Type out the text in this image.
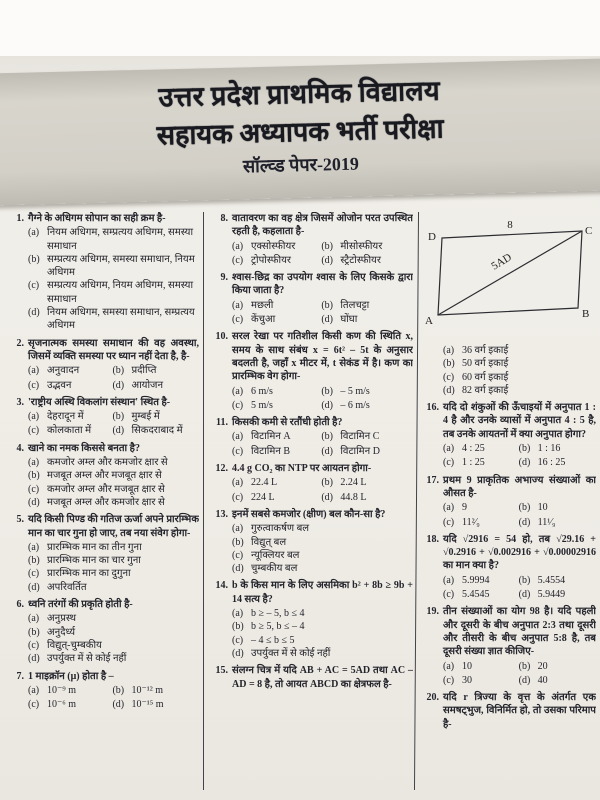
उत्तर प्रदेश प्राथमिक विद्यालय
सहायक अध्यापक भर्ती परीक्षा
सॉल्व्ड पेपर-2019
1. गैग्ने के अधिगम सोपान का सही क्रम है-
(a) नियम अधिगम, सम्प्रत्यय अधिगम, समस्या समाधान
(b) सम्प्रत्यय अधिगम, समस्या समाधान, नियम अधिगम
(c) सम्प्रत्यय अधिगम, नियम अधिगम, समस्या समाधान
(d) नियम अधिगम, समस्या समाधान, सम्प्रत्यय अधिगम
2. सृजनात्मक समस्या समाधान की वह अवस्था, जिसमें व्यक्ति समस्या पर ध्यान नहीं देता है, है-
(a) अनुवादन	(b) प्रदीप्ति
(c) उद्भवन	(d) आयोजन
3. 'राष्ट्रीय अस्थि विकलांग संस्थान' स्थित है-
(a) देहरादून में	(b) मुम्बई में
(c) कोलकाता में (d) सिकदराबाद में
4. खाने का नमक किससे बनता है?
(a) कमजोर अम्ल और कमजोर क्षार से
(b) मजबूत अम्ल और मजबूत क्षार से
(c) कमजोर अम्ल और मजबूत क्षार से
(d) मजबूत अम्ल और कमजोर क्षार से
5. यदि किसी पिण्ड की गतिज ऊर्जा अपने प्रारम्भिक मान का चार गुना हो जाए, तब नया संवेग होगा-
(a) प्रारम्भिक मान का तीन गुना
(b) प्रारम्भिक मान का चार गुना
(c) प्रारम्भिक मान का दुगुना
(d) अपरिवर्तित
6. ध्वनि तरंगों की प्रकृति होती है-
(a) अनुप्रस्थ
(b) अनुदैर्ध्य
(c) विद्युत्-चुम्बकीय
(d) उपर्युक्त में से कोई नहीं
7. 1 माइक्रॉन (μ) होता है –
(a) 10⁻⁹ m	(b) 10⁻¹² m
(c) 10⁻⁶ m	(d) 10⁻¹⁵ m
8. वातावरण का वह क्षेत्र जिसमें ओजोन परत उपस्थित रहती है, कहलाता है-
(a) एक्सोस्फीयर	(b) मीसोस्फीयर
(c) ट्रोपोस्फीयर	(d) स्ट्रैटोस्फीयर
9. श्वास-छिद्र का उपयोग श्वास के लिए किसके द्वारा किया जाता है?
(a) मछली	(b) तिलचट्टा
(c) केंचुआ	(d) घोंघा
10. सरल रेखा पर गतिशील किसी कण की स्थिति x, समय के साथ संबंध x = 6t² – 5t के अनुसार बदलती है, जहाँ x मीटर में, t सेकंड में है। कण का प्रारम्भिक वेग होगा-
(a) 6 m/s	(b) – 5 m/s
(c) 5 m/s	(d) – 6 m/s
11. किसकी कमी से रतौंधी होती है?
(a) विटामिन A	(b) विटामिन C
(c) विटामिन B	(d) विटामिन D
12. 4.4 g CO₂ का NTP पर आयतन होगा-
(a) 22.4 L	(b) 2.24 L
(c) 224 L	(d) 44.8 L
13. इनमें सबसे कमजोर (क्षीण) बल कौन-सा है?
(a) गुरुत्वाकर्षण बल
(b) विद्युत् बल
(c) न्यूक्लियर बल
(d) चुम्बकीय बल
14. b के किस मान के लिए असमिका b² + 8b ≥ 9b + 14 सत्य है?
(a) b ≥ – 5, b ≤ 4
(b) b ≥ 5, b ≤ – 4
(c) – 4 ≤ b ≤ 5
(d) उपर्युक्त में से कोई नहीं
15. संलग्न चित्र में यदि AB + AC = 5AD तथा AC – AD = 8 है, तो आयत ABCD का क्षेत्रफल है-
D	C
A
B
8
5AD
(a) 36 वर्ग इकाई
(b) 50 वर्ग इकाई
(c) 60 वर्ग इकाई
(d) 82 वर्ग इकाई
16. यदि दो शंकुओं की ऊँचाइयों में अनुपात 1 : 4 है और उनके व्यासों में अनुपात 4 : 5 है, तब उनके आयतनों में क्या अनुपात होगा?
(a) 4 : 25	(b) 1 : 16
(c) 1 : 25	(d) 16 : 25
17. प्रथम 9 प्राकृतिक अभाज्य संख्याओं का औसत है-
(a) 9	(b) 10
(c) 11²⁄₉	(d) 11¹⁄₉
18. यदि √2916 = 54 हो, तब √29.16 + √0.2916 + √0.002916 + √0.00002916 का मान क्या है?
(a) 5.9994	(b) 5.4554
(c) 5.4545	(d) 5.9449
19. तीन संख्याओं का योग 98 है। यदि पहली और दूसरी के बीच अनुपात 2:3 तथा दूसरी और तीसरी के बीच अनुपात 5:8 है, तब दूसरी संख्या ज्ञात कीजिए-
(a) 10	(b) 20
(c) 30	(d) 40
20. यदि r त्रिज्या के वृत्त के अंतर्गत एक समषट्भुज, विनिर्मित हो, तो उसका परिमाप है-
